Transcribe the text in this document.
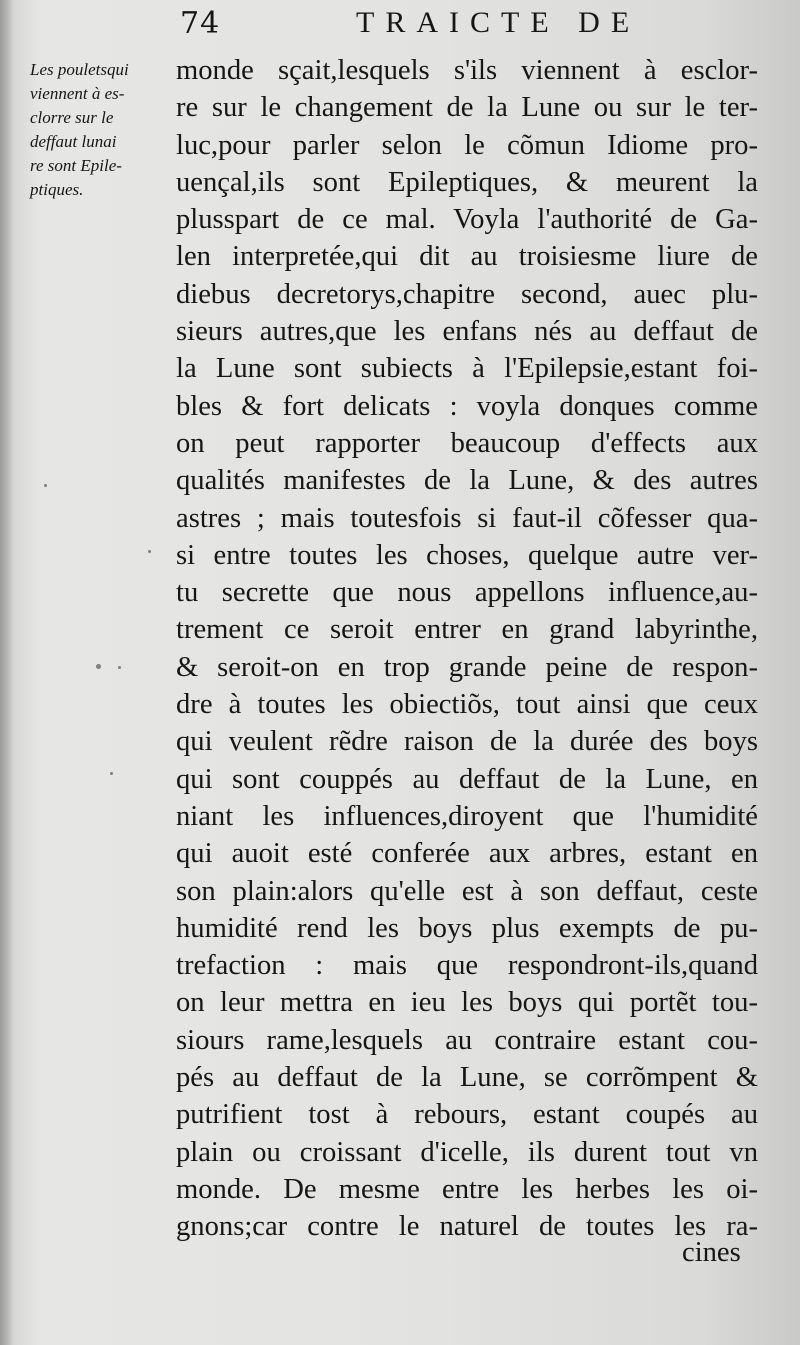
74	TRAICTE DE
Les pouletsqui
viennent à es-
clorre sur le
deffaut lunai
re sont Epile-
ptiques.
monde sçait,lesquels s'ils viennent à esclor-
re sur le changement de la Lune ou sur le ter-
luc,pour parler selon le cõmun Idiome pro-
uençal,ils sont Epileptiques, & meurent la
plusspart de ce mal. Voyla l'authorité de Ga-
len interpretée,qui dit au troisiesme liure de
diebus decretorys,chapitre second, auec plu-
sieurs autres,que les enfans nés au deffaut de
la Lune sont subiects à l'Epilepsie,estant foi-
bles & fort delicats : voyla donques comme
on peut rapporter beaucoup d'effects aux
qualités manifestes de la Lune, & des autres
astres ; mais toutesfois si faut-il cõfesser qua-
si entre toutes les choses, quelque autre ver-
tu secrette que nous appellons influence,au-
trement ce seroit entrer en grand labyrinthe,
& seroit-on en trop grande peine de respon-
dre à toutes les obiectiõs, tout ainsi que ceux
qui veulent rẽdre raison de la durée des boys
qui sont couppés au deffaut de la Lune, en
niant les influences,diroyent que l'humidité
qui auoit esté conferée aux arbres, estant en
son plain:alors qu'elle est à son deffaut, ceste
humidité rend les boys plus exempts de pu-
trefaction : mais que respondront-ils,quand
on leur mettra en ieu les boys qui portẽt tou-
siours rame,lesquels au contraire estant cou-
pés au deffaut de la Lune, se corrõmpent &
putrifient tost à rebours, estant coupés au
plain ou croissant d'icelle, ils durent tout vn
monde. De mesme entre les herbes les oi-
gnons;car contre le naturel de toutes les ra-
cines
